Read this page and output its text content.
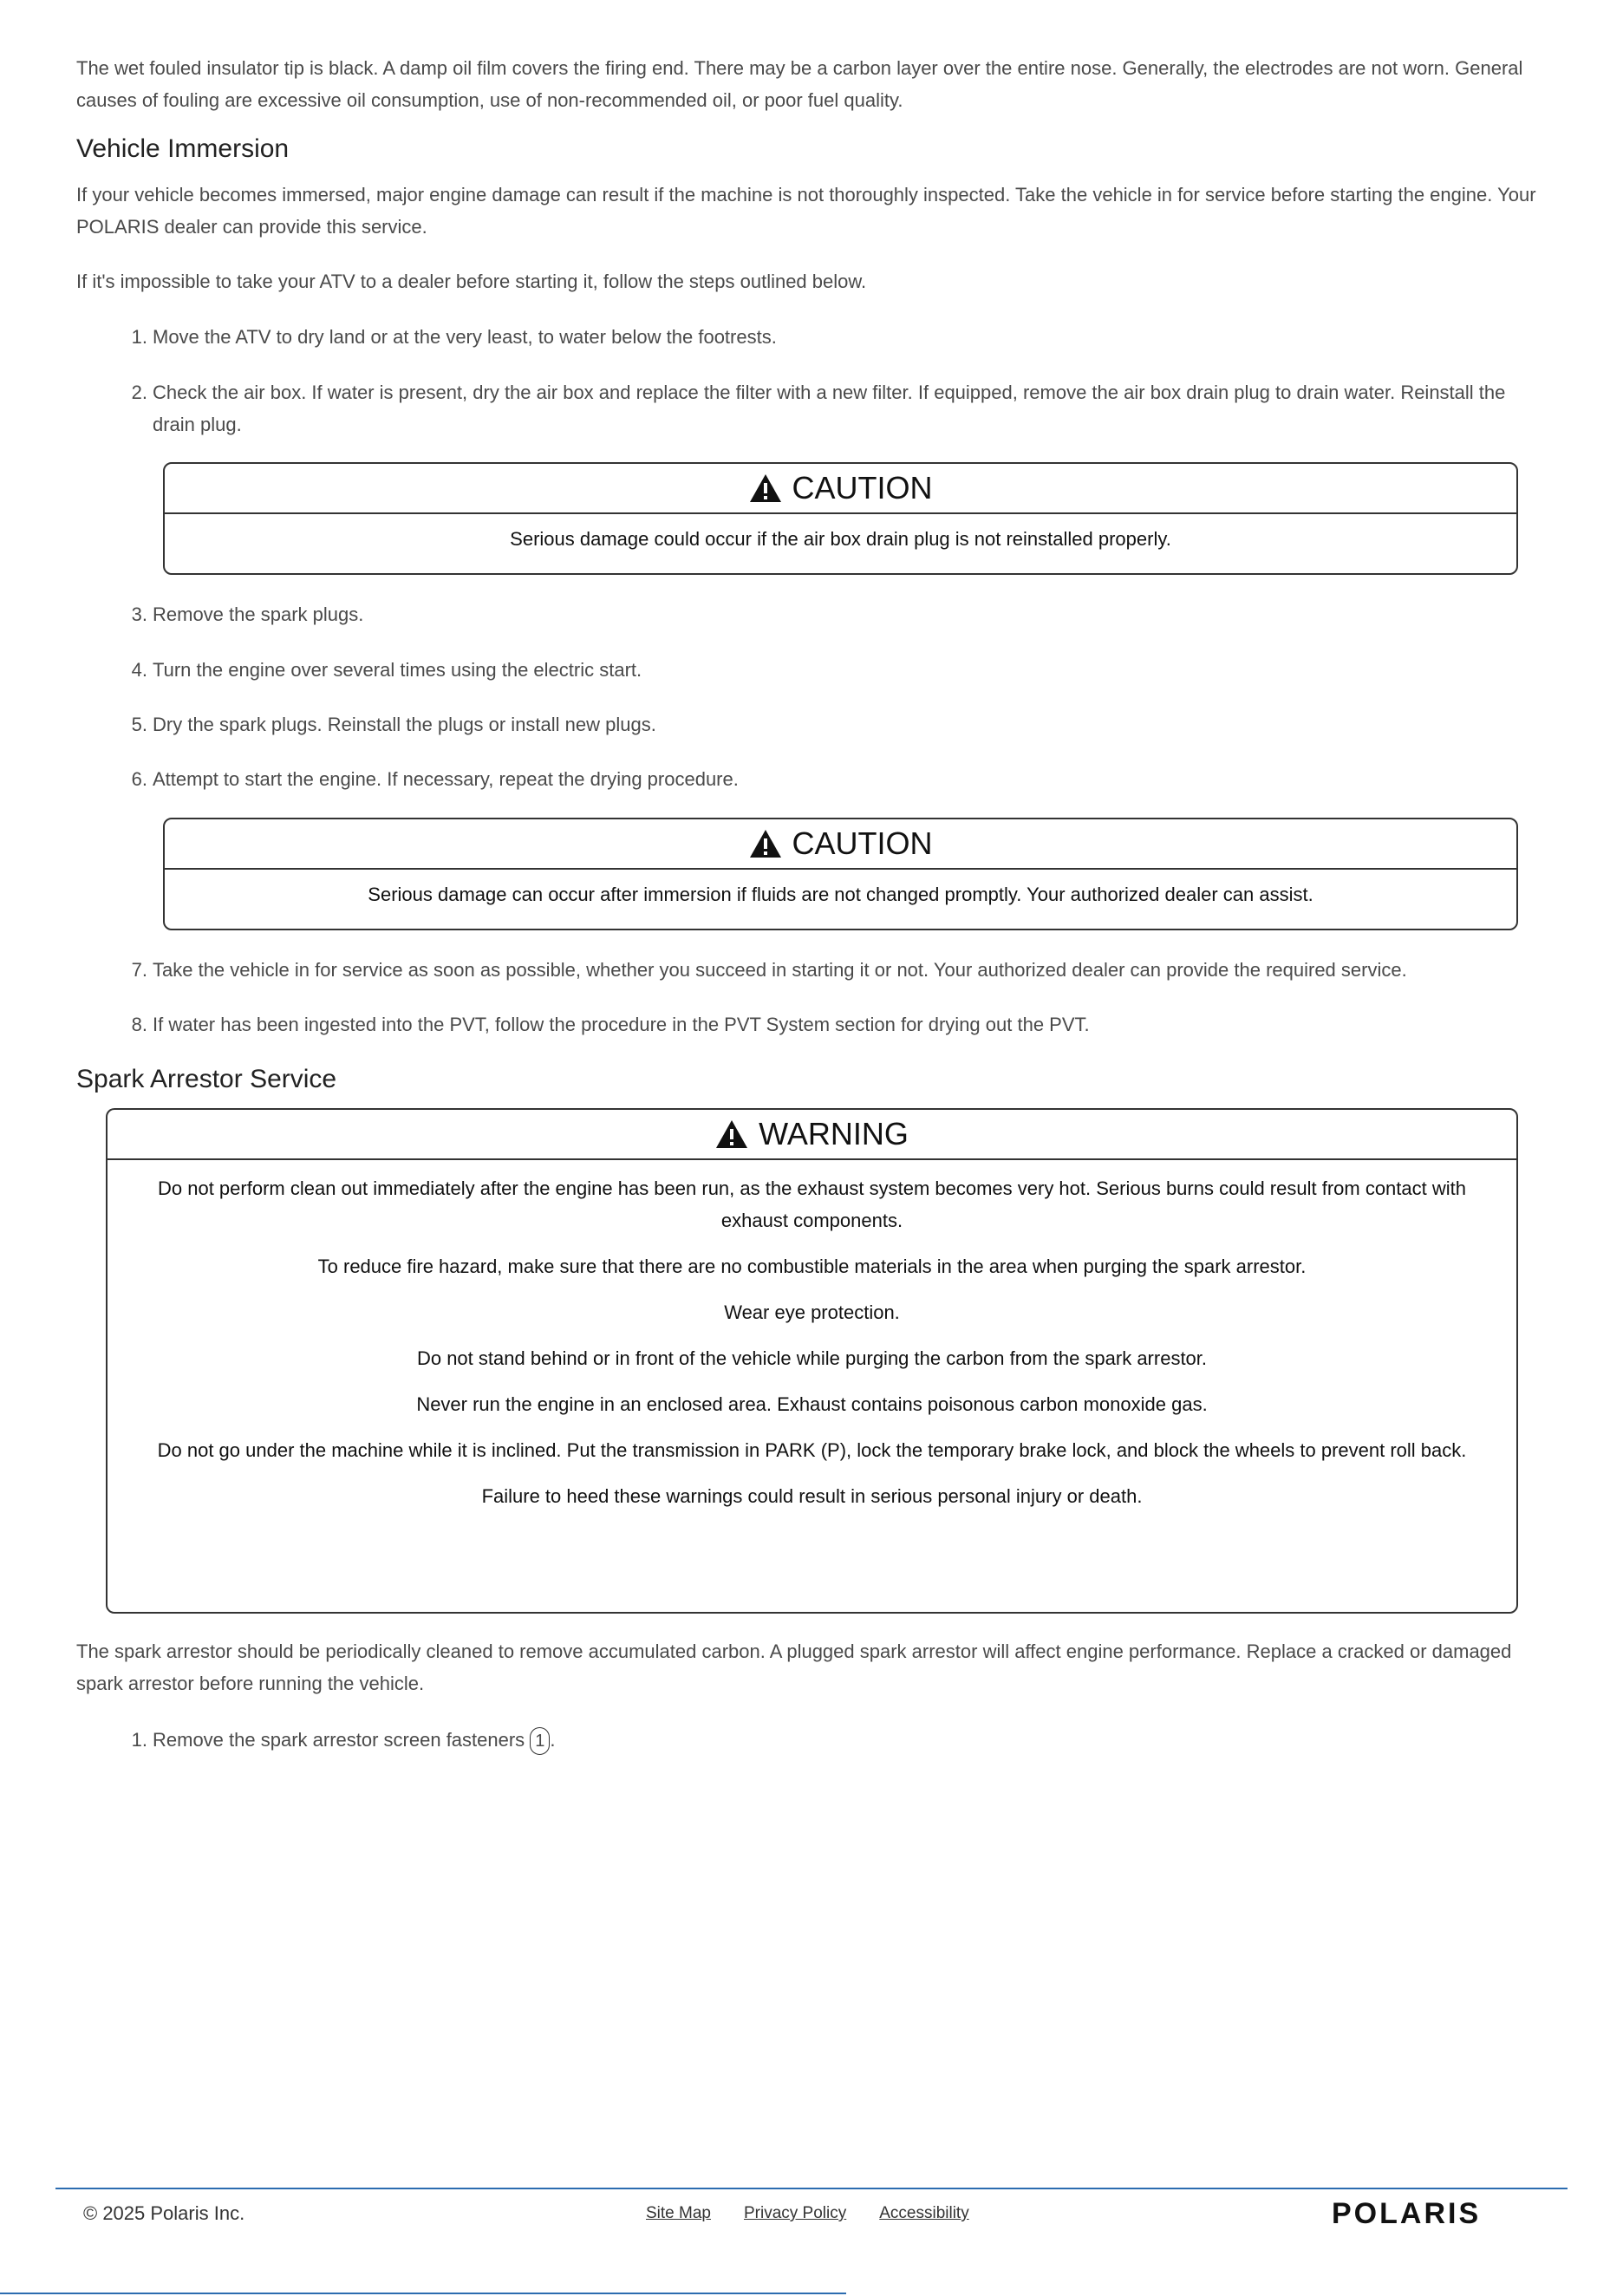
The wet fouled insulator tip is black. A damp oil film covers the firing end. There may be a carbon layer over the entire nose. Generally, the electrodes are not worn. General causes of fouling are excessive oil consumption, use of non-recommended oil, or poor fuel quality.

Vehicle Immersion

If your vehicle becomes immersed, major engine damage can result if the machine is not thoroughly inspected. Take the vehicle in for service before starting the engine. Your POLARIS dealer can provide this service.

If it's impossible to take your ATV to a dealer before starting it, follow the steps outlined below.

1. Move the ATV to dry land or at the very least, to water below the footrests.
2. Check the air box. If water is present, dry the air box and replace the filter with a new filter. If equipped, remove the air box drain plug to drain water. Reinstall the drain plug.
CAUTION
Serious damage could occur if the air box drain plug is not reinstalled properly.
3. Remove the spark plugs.
4. Turn the engine over several times using the electric start.
5. Dry the spark plugs. Reinstall the plugs or install new plugs.
6. Attempt to start the engine. If necessary, repeat the drying procedure.
CAUTION
Serious damage can occur after immersion if fluids are not changed promptly. Your authorized dealer can assist.
7. Take the vehicle in for service as soon as possible, whether you succeed in starting it or not. Your authorized dealer can provide the required service.
8. If water has been ingested into the PVT, follow the procedure in the PVT System section for drying out the PVT.
Spark Arrestor Service
WARNING

Do not perform clean out immediately after the engine has been run, as the exhaust system becomes very hot. Serious burns could result from contact with exhaust components.

To reduce fire hazard, make sure that there are no combustible materials in the area when purging the spark arrestor.

Wear eye protection.

Do not stand behind or in front of the vehicle while purging the carbon from the spark arrestor.

Never run the engine in an enclosed area. Exhaust contains poisonous carbon monoxide gas.

Do not go under the machine while it is inclined. Put the transmission in PARK (P), lock the temporary brake lock, and block the wheels to prevent roll back.

Failure to heed these warnings could result in serious personal injury or death.

The spark arrestor should be periodically cleaned to remove accumulated carbon. A plugged spark arrestor will affect engine performance. Replace a cracked or damaged spark arrestor before running the vehicle.

1. Remove the spark arrestor screen fasteners 1 .
© 2025 Polaris Inc.	Site Map Privacy Policy Accessibility	POLARIS
